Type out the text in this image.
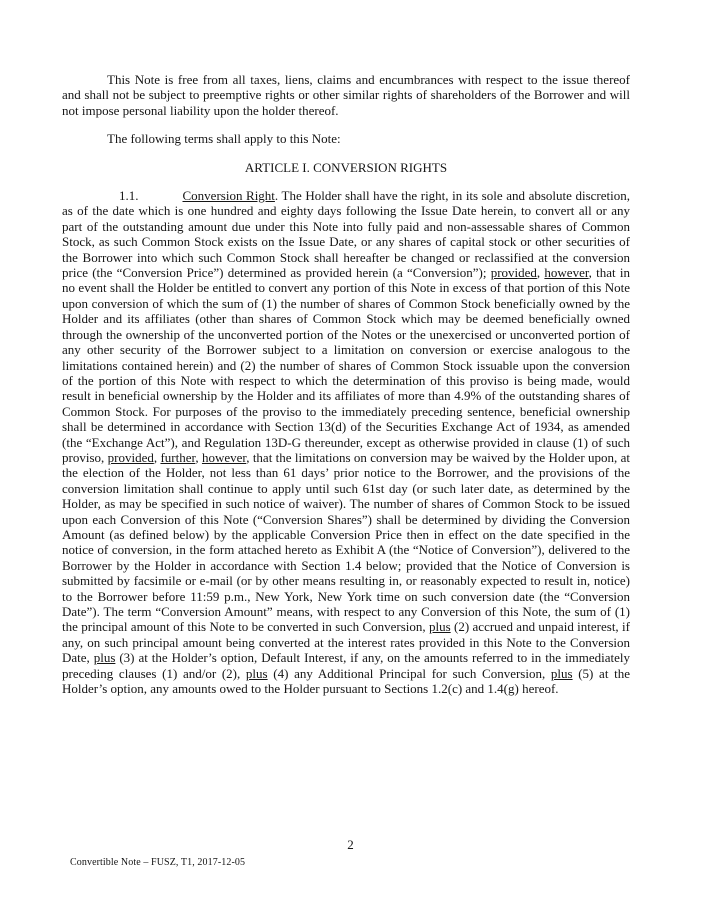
This Note is free from all taxes, liens, claims and encumbrances with respect to the issue thereof and shall not be subject to preemptive rights or other similar rights of shareholders of the Borrower and will not impose personal liability upon the holder thereof.

The following terms shall apply to this Note:

ARTICLE I. CONVERSION RIGHTS

1.1.	Conversion Right. The Holder shall have the right, in its sole and absolute discretion, as of the date which is one hundred and eighty days following the Issue Date herein, to convert all or any part of the outstanding amount due under this Note into fully paid and non-assessable shares of Common Stock, as such Common Stock exists on the Issue Date, or any shares of capital stock or other securities of the Borrower into which such Common Stock shall hereafter be changed or reclassified at the conversion price (the “Conversion Price”) determined as provided herein (a “Conversion”); provided, however, that in no event shall the Holder be entitled to convert any portion of this Note in excess of that portion of this Note upon conversion of which the sum of (1) the number of shares of Common Stock beneficially owned by the Holder and its affiliates (other than shares of Common Stock which may be deemed beneficially owned through the ownership of the unconverted portion of the Notes or the unexercised or unconverted portion of any other security of the Borrower subject to a limitation on conversion or exercise analogous to the limitations contained herein) and (2) the number of shares of Common Stock issuable upon the conversion of the portion of this Note with respect to which the determination of this proviso is being made, would result in beneficial ownership by the Holder and its affiliates of more than 4.9% of the outstanding shares of Common Stock. For purposes of the proviso to the immediately preceding sentence, beneficial ownership shall be determined in accordance with Section 13(d) of the Securities Exchange Act of 1934, as amended (the “Exchange Act”), and Regulation 13D-G thereunder, except as otherwise provided in clause (1) of such proviso, provided, further, however, that the limitations on conversion may be waived by the Holder upon, at the election of the Holder, not less than 61 days’ prior notice to the Borrower, and the provisions of the conversion limitation shall continue to apply until such 61st day (or such later date, as determined by the Holder, as may be specified in such notice of waiver). The number of shares of Common Stock to be issued upon each Conversion of this Note (“Conversion Shares”) shall be determined by dividing the Conversion Amount (as defined below) by the applicable Conversion Price then in effect on the date specified in the notice of conversion, in the form attached hereto as Exhibit A (the “Notice of Conversion”), delivered to the Borrower by the Holder in accordance with Section 1.4 below; provided that the Notice of Conversion is submitted by facsimile or e-mail (or by other means resulting in, or reasonably expected to result in, notice) to the Borrower before 11:59 p.m., New York, New York time on such conversion date (the “Conversion Date”). The term “Conversion Amount” means, with respect to any Conversion of this Note, the sum of (1) the principal amount of this Note to be converted in such Conversion, plus (2) accrued and unpaid interest, if any, on such principal amount being converted at the interest rates provided in this Note to the Conversion Date, plus (3) at the Holder’s option, Default Interest, if any, on the amounts referred to in the immediately preceding clauses (1) and/or (2), plus (4) any Additional Principal for such Conversion, plus (5) at the Holder’s option, any amounts owed to the Holder pursuant to Sections 1.2(c) and 1.4(g) hereof.

2
Convertible Note – FUSZ, T1, 2017-12-05
